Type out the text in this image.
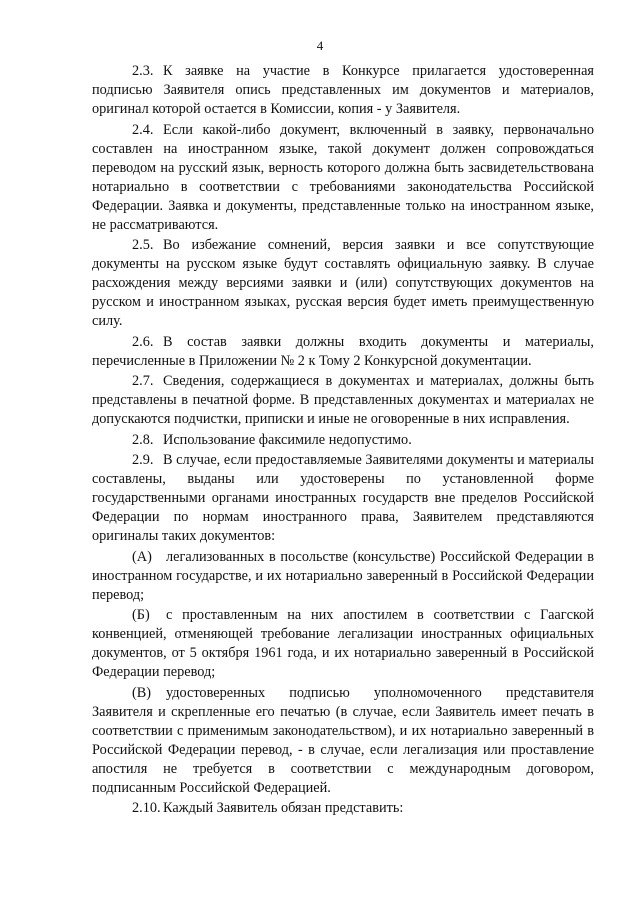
4

2.3. К заявке на участие в Конкурсе прилагается удостоверенная подписью Заявителя опись представленных им документов и материалов, оригинал которой остается в Комиссии, копия - у Заявителя.

2.4. Если какой-либо документ, включенный в заявку, первоначально составлен на иностранном языке, такой документ должен сопровождаться переводом на русский язык, верность которого должна быть засвидетельствована нотариально в соответствии с требованиями законодательства Российской Федерации. Заявка и документы, представленные только на иностранном языке, не рассматриваются.

2.5. Во избежание сомнений, версия заявки и все сопутствующие документы на русском языке будут составлять официальную заявку. В случае расхождения между версиями заявки и (или) сопутствующих документов на русском и иностранном языках, русская версия будет иметь преимущественную силу.

2.6. В состав заявки должны входить документы и материалы, перечисленные в Приложении № 2 к Тому 2 Конкурсной документации.

2.7. Сведения, содержащиеся в документах и материалах, должны быть представлены в печатной форме. В представленных документах и материалах не допускаются подчистки, приписки и иные не оговоренные в них исправления.

2.8. Использование факсимиле недопустимо.

2.9. В случае, если предоставляемые Заявителями документы и материалы составлены, выданы или удостоверены по установленной форме государственными органами иностранных государств вне пределов Российской Федерации по нормам иностранного права, Заявителем представляются оригиналы таких документов:

(А) легализованных в посольстве (консульстве) Российской Федерации в иностранном государстве, и их нотариально заверенный в Российской Федерации перевод;

(Б) с проставленным на них апостилем в соответствии с Гаагской конвенцией, отменяющей требование легализации иностранных официальных документов, от 5 октября 1961 года, и их нотариально заверенный в Российской Федерации перевод;

(В) удостоверенных подписью уполномоченного представителя Заявителя и скрепленные его печатью (в случае, если Заявитель имеет печать в соответствии с применимым законодательством), и их нотариально заверенный в Российской Федерации перевод, - в случае, если легализация или проставление апостиля не требуется в соответствии с международным договором, подписанным Российской Федерацией.

2.10. Каждый Заявитель обязан представить:
